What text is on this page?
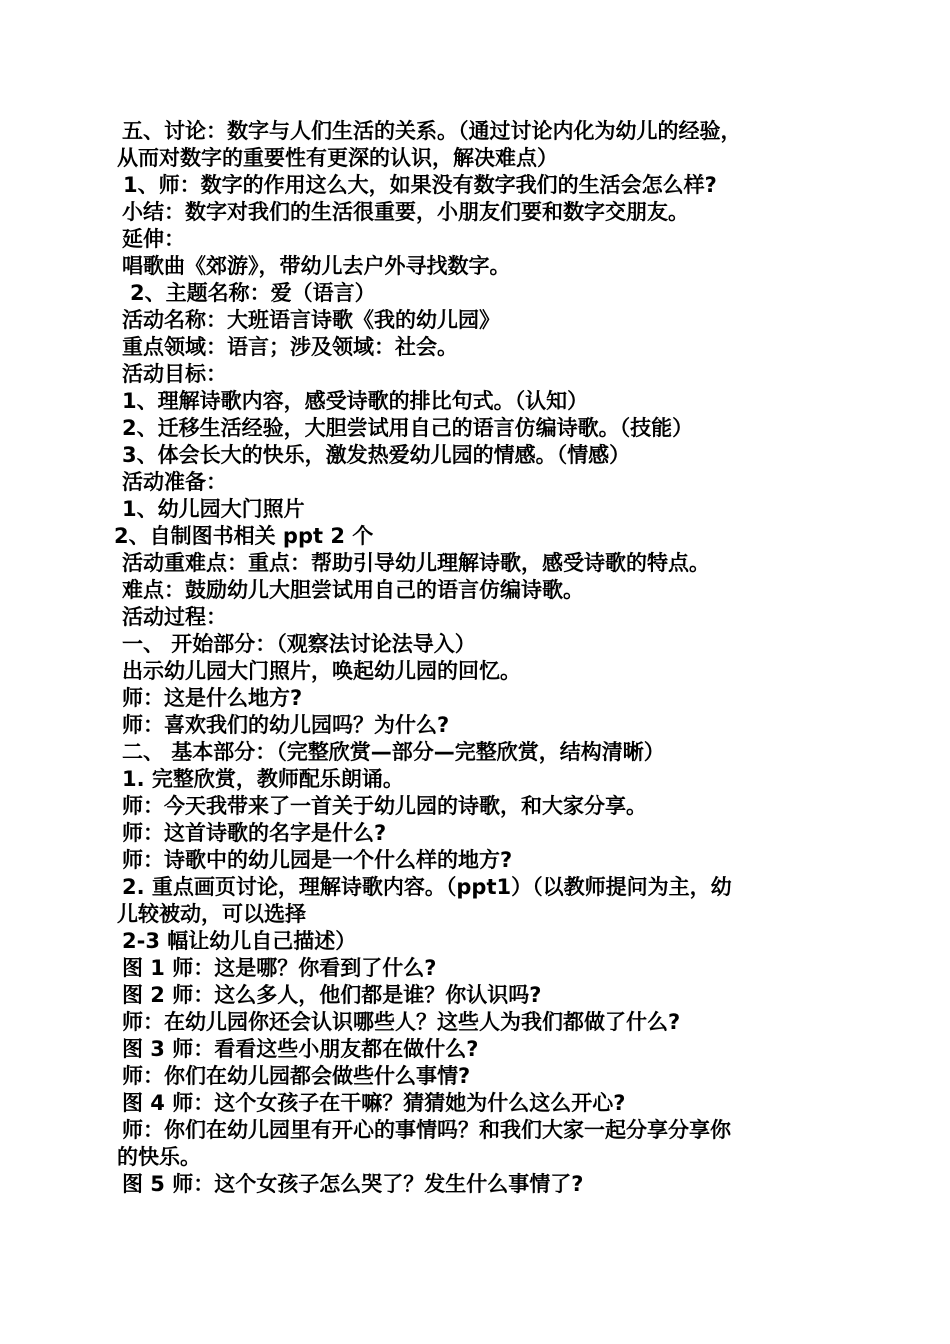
五、讨论：数字与人们生活的关系。（通过讨论内化为幼儿的经验，
从而对数字的重要性有更深的认识，解决难点）
1、师：数字的作用这么大，如果没有数字我们的生活会怎么样?
小结：数字对我们的生活很重要，小朋友们要和数字交朋友。
延伸：
唱歌曲《郊游》，带幼儿去户外寻找数字。
2、主题名称：爱（语言）
活动名称：大班语言诗歌《我的幼儿园》
重点领域：语言；涉及领域：社会。
活动目标：
1、理解诗歌内容，感受诗歌的排比句式。（认知）
2、迁移生活经验，大胆尝试用自己的语言仿编诗歌。（技能）
3、体会长大的快乐，激发热爱幼儿园的情感。（情感）
活动准备：
1、幼儿园大门照片
2、自制图书相关 ppt 2 个
活动重难点：重点：帮助引导幼儿理解诗歌，感受诗歌的特点。
难点：鼓励幼儿大胆尝试用自己的语言仿编诗歌。
活动过程：
一、 开始部分：（观察法讨论法导入）
出示幼儿园大门照片，唤起幼儿园的回忆。
师：这是什么地方?
师：喜欢我们的幼儿园吗？为什么?
二、 基本部分：（完整欣赏—部分—完整欣赏，结构清晰）
1. 完整欣赏，教师配乐朗诵。
师：今天我带来了一首关于幼儿园的诗歌，和大家分享。
师：这首诗歌的名字是什么?
师：诗歌中的幼儿园是一个什么样的地方?
2. 重点画页讨论，理解诗歌内容。（ppt1）（以教师提问为主，幼
儿较被动，可以选择
2-3 幅让幼儿自己描述）
图 1 师：这是哪？你看到了什么?
图 2 师：这么多人，他们都是谁？你认识吗?
师：在幼儿园你还会认识哪些人？这些人为我们都做了什么?
图 3 师：看看这些小朋友都在做什么?
师：你们在幼儿园都会做些什么事情?
图 4 师：这个女孩子在干嘛？猜猜她为什么这么开心?
师：你们在幼儿园里有开心的事情吗？和我们大家一起分享分享你
的快乐。
图 5 师：这个女孩子怎么哭了？发生什么事情了?
